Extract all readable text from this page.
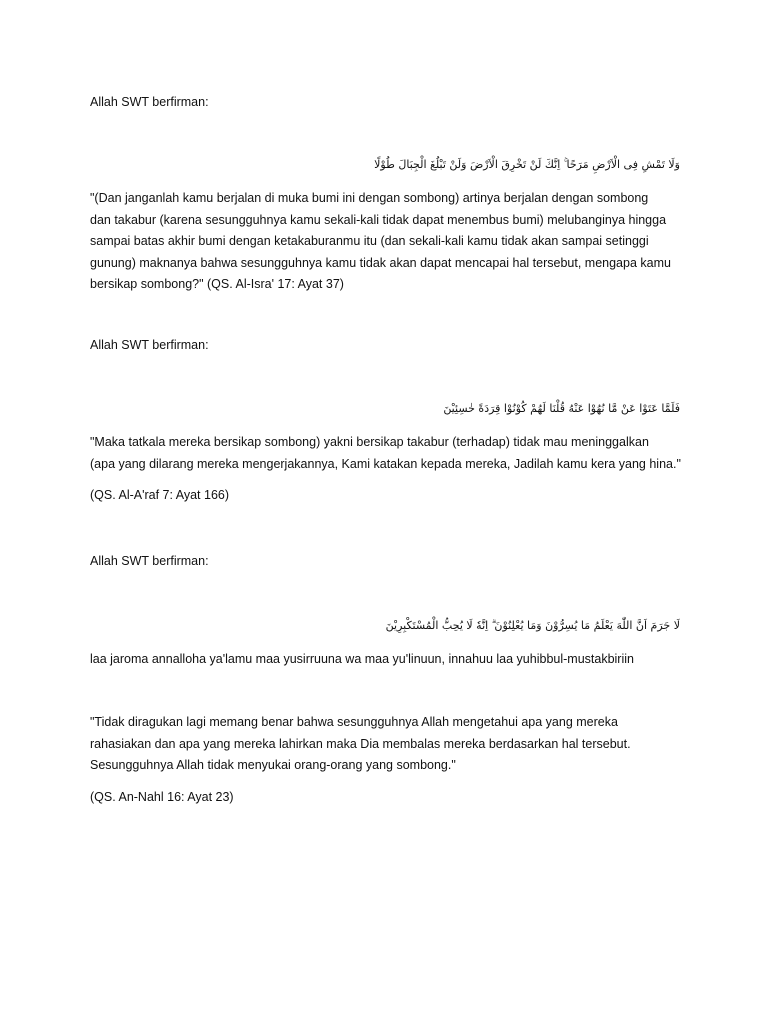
Allah SWT berfirman:
وَلَا تَمْشِ فِى الْاَرْضِ مَرَحًا ۚ اِنَّكَ لَنْ تَخْرِقَ الْاَرْضَ وَلَنْ تَبْلُغَ الْجِبَالَ طُوْلًا
"(Dan janganlah kamu berjalan di muka bumi ini dengan sombong) artinya berjalan dengan sombong
dan takabur (karena sesungguhnya kamu sekali-kali tidak dapat menembus bumi) melubanginya hingga
sampai batas akhir bumi dengan ketakaburanmu itu (dan sekali-kali kamu tidak akan sampai setinggi
gunung) maknanya bahwa sesungguhnya kamu tidak akan dapat mencapai hal tersebut, mengapa kamu
bersikap sombong?" (QS. Al-Isra' 17: Ayat 37)
Allah SWT berfirman:
فَلَمَّا عَتَوْا عَنْ مَّا نُهُوْا عَنْهُ قُلْنَا لَهُمْ كُوْنُوْا قِرَدَةً خٰسِئِيْنَ
"Maka tatkala mereka bersikap sombong) yakni bersikap takabur (terhadap) tidak mau meninggalkan
(apa yang dilarang mereka mengerjakannya, Kami katakan kepada mereka, Jadilah kamu kera yang hina."
(QS. Al-A'raf 7: Ayat 166)
Allah SWT berfirman:
لَا جَرَمَ اَنَّ اللّٰهَ يَعْلَمُ مَا يُسِرُّوْنَ وَمَا يُعْلِنُوْنَ ۗ اِنَّهٗ لَا يُحِبُّ الْمُسْتَكْبِرِيْنَ
laa jaroma annalloha ya'lamu maa yusirruuna wa maa yu'linuun, innahuu laa yuhibbul-mustakbiriin
"Tidak diragukan lagi memang benar bahwa sesungguhnya Allah mengetahui apa yang mereka
rahasiakan dan apa yang mereka lahirkan maka Dia membalas mereka berdasarkan hal tersebut.
Sesungguhnya Allah tidak menyukai orang-orang yang sombong."
(QS. An-Nahl 16: Ayat 23)
